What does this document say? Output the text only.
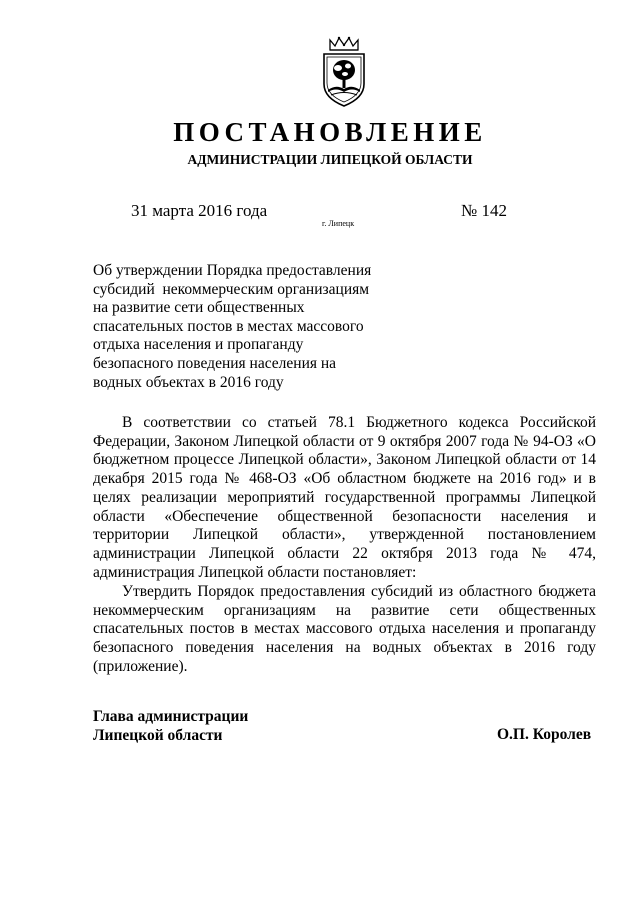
ПОСТАНОВЛЕНИЕ
АДМИНИСТРАЦИИ ЛИПЕЦКОЙ ОБЛАСТИ
31 марта 2016 года
г. Липецк
№ 142
Об утверждении Порядка предоставления
субсидий  некоммерческим организациям
на развитие сети общественных
спасательных постов в местах массового
отдыха населения и пропаганду
безопасного поведения населения на
водных объектах в 2016 году

В соответствии со статьей 78.1 Бюджетного кодекса Российской Федерации, Законом Липецкой области от 9 октября 2007 года № 94-ОЗ «О бюджетном процессе Липецкой области», Законом Липецкой области от 14 декабря 2015 года № 468-ОЗ «Об областном бюджете на 2016 год» и в целях реализации мероприятий государственной программы Липецкой области «Обеспечение общественной безопасности населения и территории Липецкой области», утвержденной постановлением администрации Липецкой области 22 октября 2013 года № 474, администрация Липецкой области постановляет:

Утвердить Порядок предоставления субсидий из областного бюджета некоммерческим организациям на развитие сети общественных спасательных постов в местах массового отдыха населения и пропаганду безопасного поведения населения на водных объектах в 2016 году (приложение).

Глава администрации
Липецкой области	О.П. Королев
